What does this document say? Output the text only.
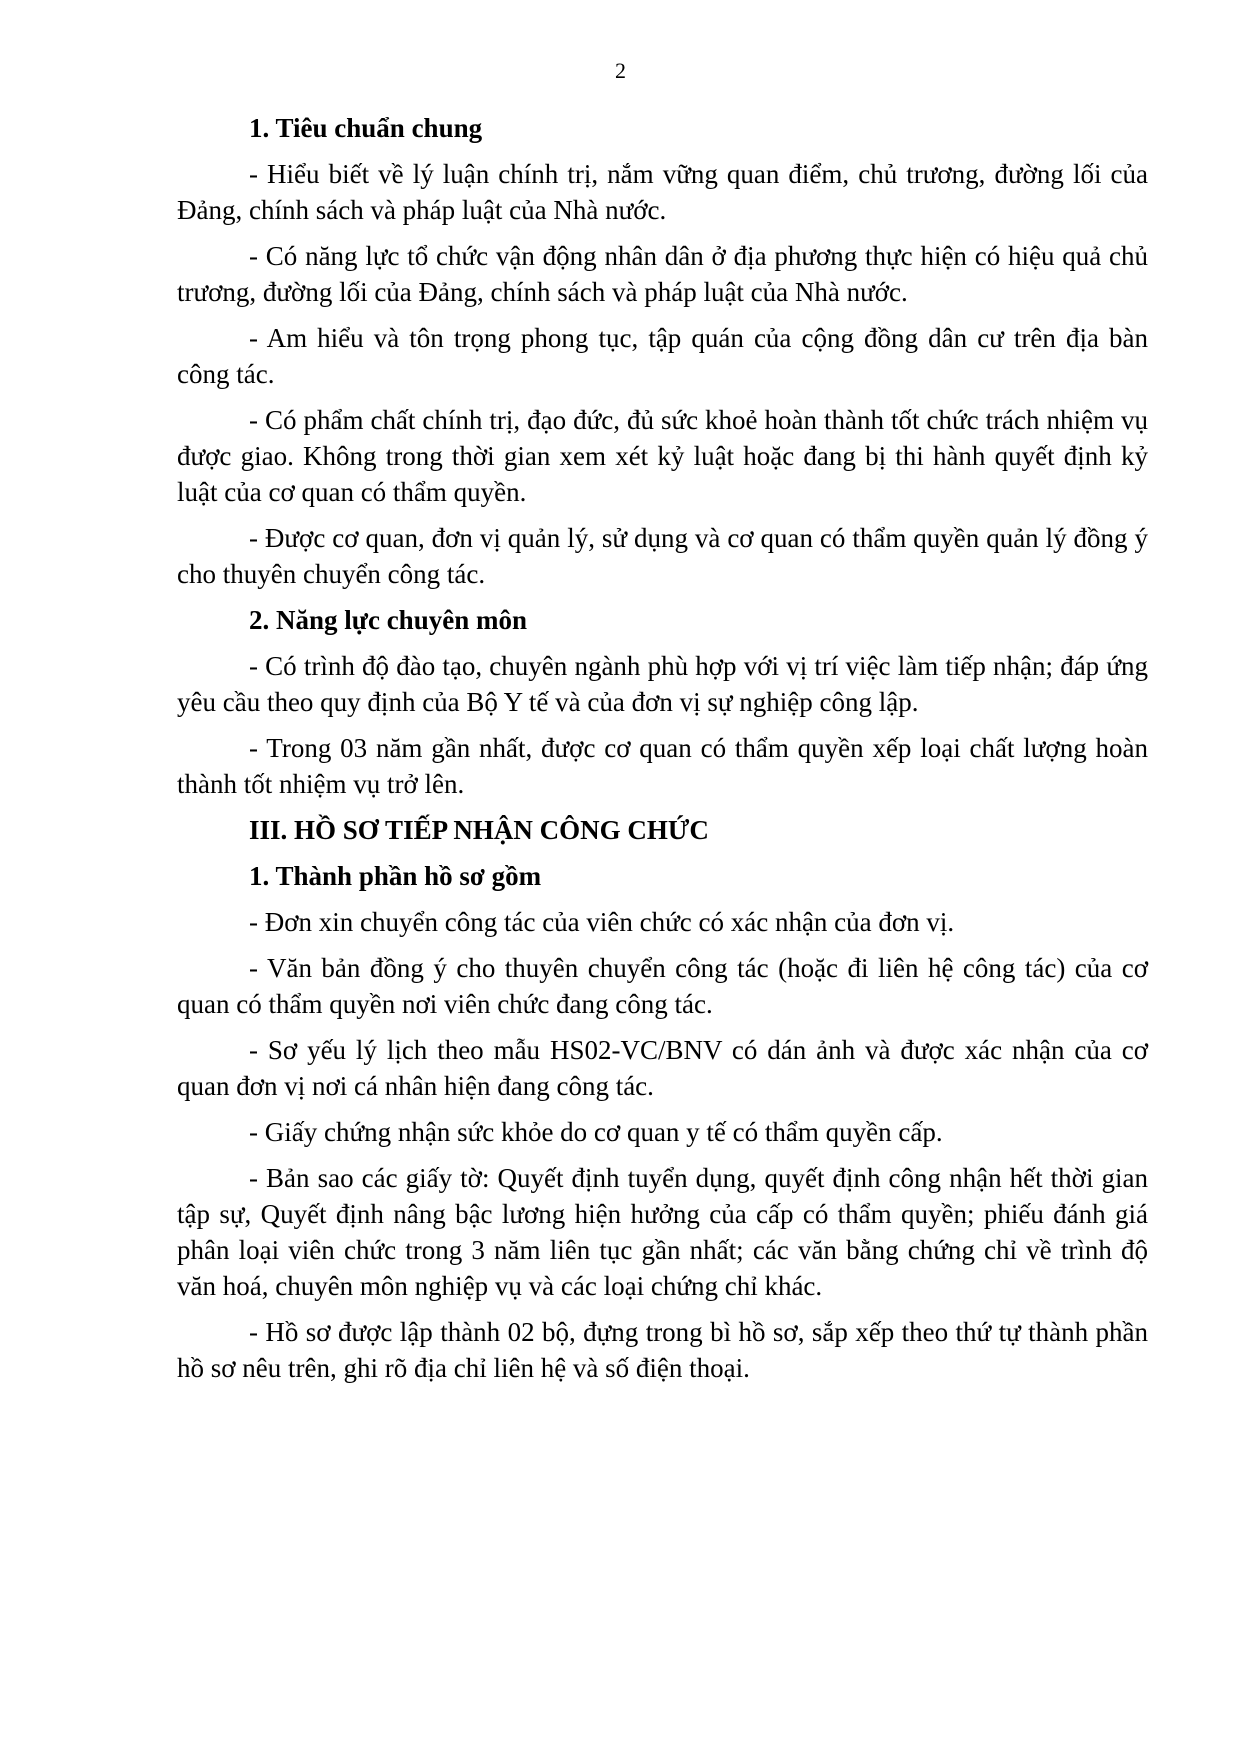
2

1. Tiêu chuẩn chung

- Hiểu biết về lý luận chính trị, nắm vững quan điểm, chủ trương, đường lối của Đảng, chính sách và pháp luật của Nhà nước.

- Có năng lực tổ chức vận động nhân dân ở địa phương thực hiện có hiệu quả chủ trương, đường lối của Đảng, chính sách và pháp luật của Nhà nước.

- Am hiểu và tôn trọng phong tục, tập quán của cộng đồng dân cư trên địa bàn công tác.

- Có phẩm chất chính trị, đạo đức, đủ sức khoẻ hoàn thành tốt chức trách nhiệm vụ được giao. Không trong thời gian xem xét kỷ luật hoặc đang bị thi hành quyết định kỷ luật của cơ quan có thẩm quyền.

- Được cơ quan, đơn vị quản lý, sử dụng và cơ quan có thẩm quyền quản lý đồng ý cho thuyên chuyển công tác.

2. Năng lực chuyên môn

- Có trình độ đào tạo, chuyên ngành phù hợp với vị trí việc làm tiếp nhận; đáp ứng yêu cầu theo quy định của Bộ Y tế và của đơn vị sự nghiệp công lập.

- Trong 03 năm gần nhất, được cơ quan có thẩm quyền xếp loại chất lượng hoàn thành tốt nhiệm vụ trở lên.

III. HỒ SƠ TIẾP NHẬN CÔNG CHỨC

1. Thành phần hồ sơ gồm

- Đơn xin chuyển công tác của viên chức có xác nhận của đơn vị.

- Văn bản đồng ý cho thuyên chuyển công tác (hoặc đi liên hệ công tác) của cơ quan có thẩm quyền nơi viên chức đang công tác.

- Sơ yếu lý lịch theo mẫu HS02-VC/BNV có dán ảnh và được xác nhận của cơ quan đơn vị nơi cá nhân hiện đang công tác.

- Giấy chứng nhận sức khỏe do cơ quan y tế có thẩm quyền cấp.

- Bản sao các giấy tờ: Quyết định tuyển dụng, quyết định công nhận hết thời gian tập sự, Quyết định nâng bậc lương hiện hưởng của cấp có thẩm quyền; phiếu đánh giá phân loại viên chức trong 3 năm liên tục gần nhất; các văn bằng chứng chỉ về trình độ văn hoá, chuyên môn nghiệp vụ và các loại chứng chỉ khác.

- Hồ sơ được lập thành 02 bộ, đựng trong bì hồ sơ, sắp xếp theo thứ tự thành phần hồ sơ nêu trên, ghi rõ địa chỉ liên hệ và số điện thoại.
